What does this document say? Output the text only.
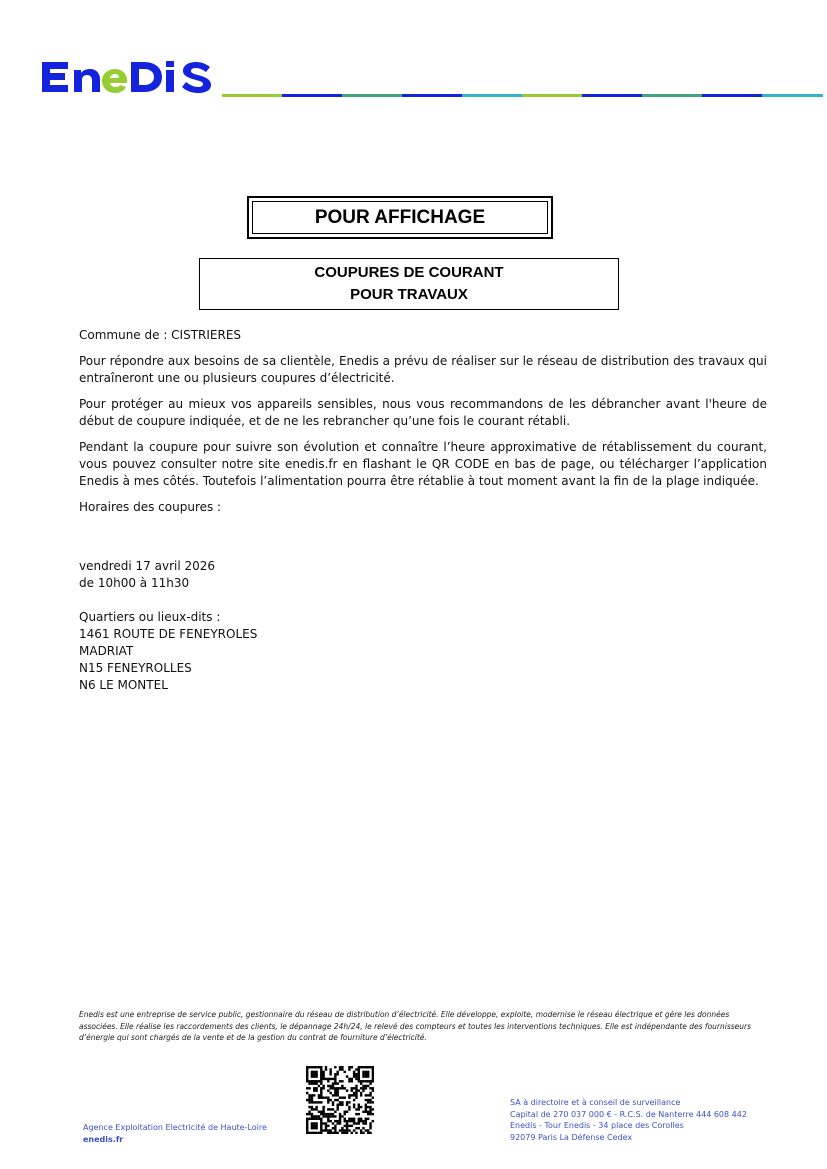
POUR AFFICHAGE
COUPURES DE COURANT
POUR TRAVAUX

Commune de : CISTRIERES

Pour répondre aux besoins de sa clientèle, Enedis a prévu de réaliser sur le réseau de distribution des travaux qui entraîneront une ou plusieurs coupures d’électricité.

Pour protéger au mieux vos appareils sensibles, nous vous recommandons de les débrancher avant l'heure de début de coupure indiquée, et de ne les rebrancher qu’une fois le courant rétabli.

Pendant la coupure pour suivre son évolution et connaître l’heure approximative de rétablissement du courant, vous pouvez consulter notre site enedis.fr en flashant le QR CODE en bas de page, ou télécharger l’application Enedis à mes côtés. Toutefois l’alimentation pourra être rétablie à tout moment avant la fin de la plage indiquée.

Horaires des coupures :

vendredi 17 avril 2026
de 10h00 à 11h30
Quartiers ou lieux-dits :
1461 ROUTE DE FENEYROLES
MADRIAT
N15 FENEYROLLES
N6 LE MONTEL
Enedis est une entreprise de service public, gestionnaire du réseau de distribution d’électricité. Elle développe, exploite, modernise le réseau électrique et gère les données associées. Elle réalise les raccordements des clients, le dépannage 24h/24, le relevé des compteurs et toutes les interventions techniques. Elle est indépendante des fournisseurs d’énergie qui sont chargés de la vente et de la gestion du contrat de fourniture d’électricité.
Agence Exploitation Electricité de Haute-Loire
enedis.fr
SA à directoire et à conseil de surveillance
Capital de 270 037 000 € - R.C.S. de Nanterre 444 608 442
Enedis - Tour Enedis - 34 place des Corolles
92079 Paris La Défense Cedex
